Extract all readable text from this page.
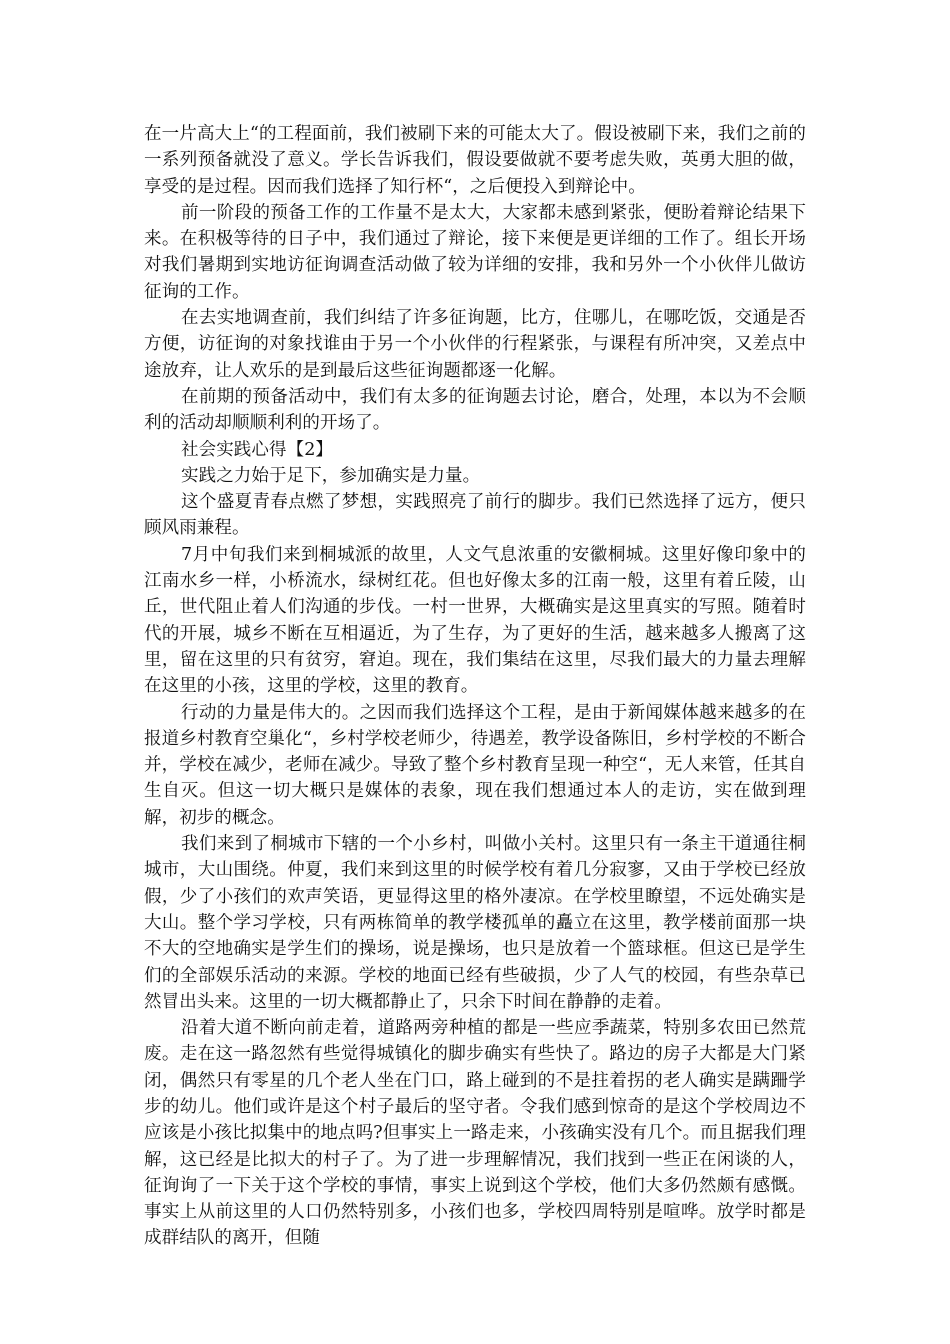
在一片高大上“的工程面前，我们被刷下来的可能太大了。假设被刷下来，我们之前的一系列预备就没了意义。学长告诉我们，假设要做就不要考虑失败，英勇大胆的做，享受的是过程。因而我们选择了知行杯“，之后便投入到辩论中。

前一阶段的预备工作的工作量不是太大，大家都未感到紧张，便盼着辩论结果下来。在积极等待的日子中，我们通过了辩论，接下来便是更详细的工作了。组长开场对我们暑期到实地访征询调查活动做了较为详细的安排，我和另外一个小伙伴儿做访征询的工作。

在去实地调查前，我们纠结了许多征询题，比方，住哪儿，在哪吃饭，交通是否方便，访征询的对象找谁由于另一个小伙伴的行程紧张，与课程有所冲突，又差点中途放弃，让人欢乐的是到最后这些征询题都逐一化解。

在前期的预备活动中，我们有太多的征询题去讨论，磨合，处理，本以为不会顺利的活动却顺顺利利的开场了。

社会实践心得【2】

实践之力始于足下，参加确实是力量。

这个盛夏青春点燃了梦想，实践照亮了前行的脚步。我们已然选择了远方，便只顾风雨兼程。

7月中旬我们来到桐城派的故里，人文气息浓重的安徽桐城。这里好像印象中的江南水乡一样，小桥流水，绿树红花。但也好像太多的江南一般，这里有着丘陵，山丘，世代阻止着人们沟通的步伐。一村一世界，大概确实是这里真实的写照。随着时代的开展，城乡不断在互相逼近，为了生存，为了更好的生活，越来越多人搬离了这里，留在这里的只有贫穷，窘迫。现在，我们集结在这里，尽我们最大的力量去理解在这里的小孩，这里的学校，这里的教育。

行动的力量是伟大的。之因而我们选择这个工程，是由于新闻媒体越来越多的在报道乡村教育空巢化“，乡村学校老师少，待遇差，教学设备陈旧，乡村学校的不断合并，学校在减少，老师在减少。导致了整个乡村教育呈现一种空“，无人来管，任其自生自灭。但这一切大概只是媒体的表象，现在我们想通过本人的走访，实在做到理解，初步的概念。

我们来到了桐城市下辖的一个小乡村，叫做小关村。这里只有一条主干道通往桐城市，大山围绕。仲夏，我们来到这里的时候学校有着几分寂寥，又由于学校已经放假，少了小孩们的欢声笑语，更显得这里的格外凄凉。在学校里瞭望，不远处确实是大山。整个学习学校，只有两栋简单的教学楼孤单的矗立在这里，教学楼前面那一块不大的空地确实是学生们的操场，说是操场，也只是放着一个篮球框。但这已是学生们的全部娱乐活动的来源。学校的地面已经有些破损，少了人气的校园，有些杂草已然冒出头来。这里的一切大概都静止了，只余下时间在静静的走着。

沿着大道不断向前走着，道路两旁种植的都是一些应季蔬菜，特别多农田已然荒废。走在这一路忽然有些觉得城镇化的脚步确实有些快了。路边的房子大都是大门紧闭，偶然只有零星的几个老人坐在门口，路上碰到的不是拄着拐的老人确实是蹒跚学步的幼儿。他们或许是这个村子最后的坚守者。令我们感到惊奇的是这个学校周边不应该是小孩比拟集中的地点吗?但事实上一路走来，小孩确实没有几个。而且据我们理解，这已经是比拟大的村子了。为了进一步理解情况，我们找到一些正在闲谈的人，征询询了一下关于这个学校的事情，事实上说到这个学校，他们大多仍然颇有感慨。事实上从前这里的人口仍然特别多，小孩们也多，学校四周特别是喧哗。放学时都是成群结队的离开，但随
